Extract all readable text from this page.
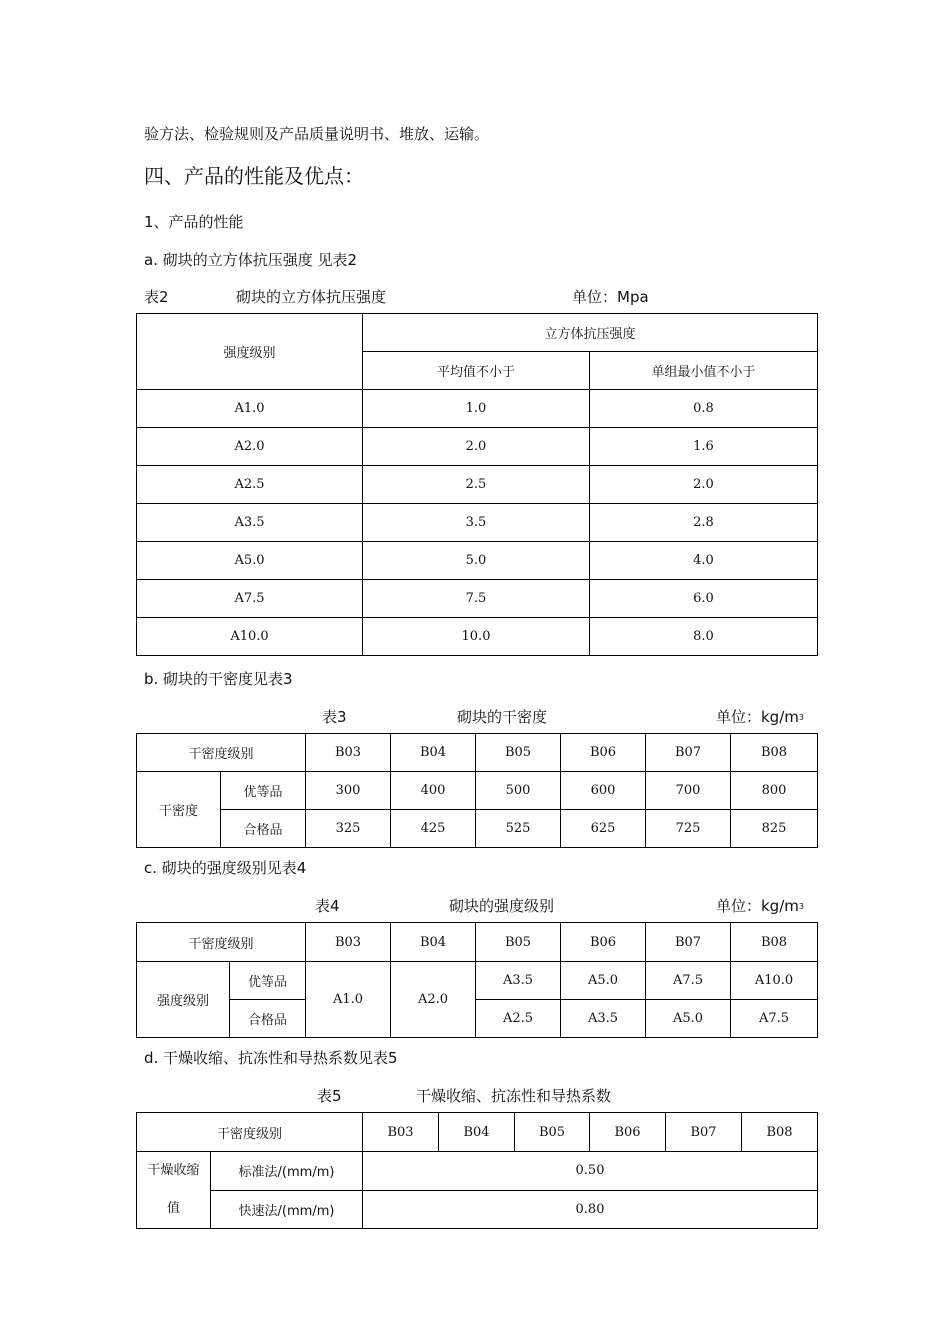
验方法、检验规则及产品质量说明书、堆放、运输。
四、产品的性能及优点：
1、产品的性能
a. 砌块的立方体抗压强度 见表2
表2	砌块的立方体抗压强度	单位：Mpa
强度级别	立方体抗压强度	
	平均值不小于	单组最小值不小于
A1.0	1.0	0.8
A2.0	2.0	1.6
A2.5	2.5	2.0
A3.5	3.5	2.8
A5.0	5.0	4.0
A7.5	7.5	6.0
A10.0	10.0	8.0
b. 砌块的干密度见表3
表3	砌块的干密度	单位：$kg/m^3$
干密度级别		B03	B04	B05	B06	B07	B08
干密度	优等品	300	400	500	600	700	800
	合格品	325	425	525	625	725	825
c. 砌块的强度级别见表4
表4	砌块的强度级别	单位：$kg/m^3$
干密度级别		B03	B04	B05	B06	B07	B08
强度级别	优等品	A1.0	A2.0	A3.5	A5.0	A7.5	A10.0
	合格品			A2.5	A3.5	A5.0	A7.5
d. 干燥收缩、抗冻性和导热系数见表5
表5	干燥收缩、抗冻性和导热系数
干密度级别		B03	B04	B05	B06	B07	B08

干燥收缩
值	标准法/(mm/m)	0.50					
	快速法/(mm/m)	0.80					
